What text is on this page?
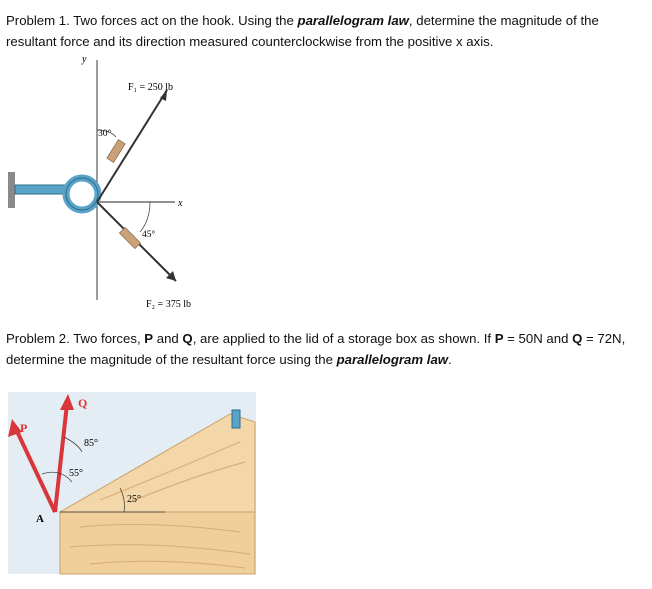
Problem 1. Two forces act on the hook. Using the parallelogram law, determine the magnitude of the resultant force and its direction measured counterclockwise from the positive x axis.
y
x
F₁ = 250 lb
30°
F₂ = 375 lb
45°
Problem 2. Two forces, P and Q, are applied to the lid of a storage box as shown. If P = 50N and Q = 72N, determine the magnitude of the resultant force using the parallelogram law.
P
Q
A
85°
55°
25°
